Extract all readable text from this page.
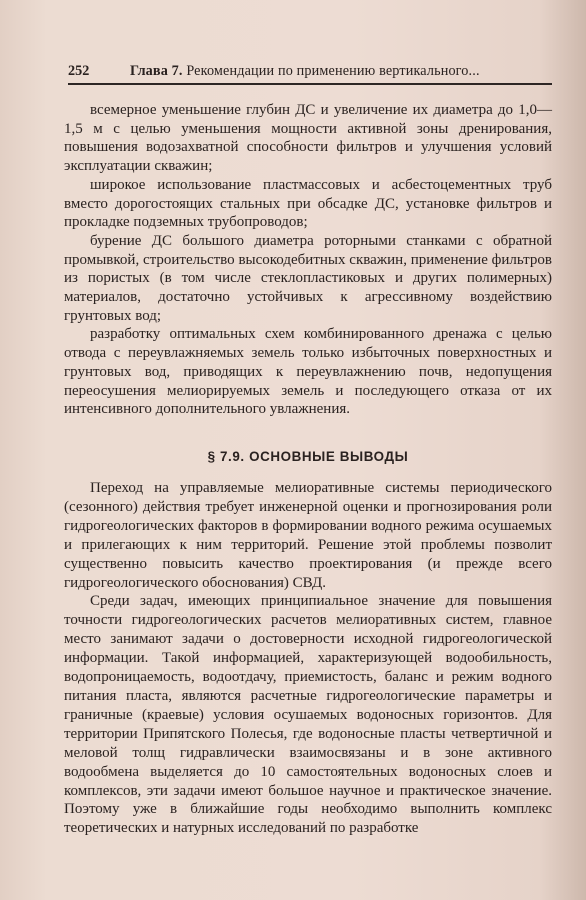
252	Глава 7. Рекомендации по применению вертикального...

всемерное уменьшение глубин ДС и увеличение их диаметра до 1,0—1,5 м с целью уменьшения мощности активной зоны дренирования, повышения водозахватной способности фильтров и улучшения условий эксплуатации скважин;

широкое использование пластмассовых и асбестоцементных труб вместо дорогостоящих стальных при обсадке ДС, установке фильтров и прокладке подземных трубопроводов;

бурение ДС большого диаметра роторными станками с обратной промывкой, строительство высокодебитных скважин, применение фильтров из пористых (в том числе стеклопластиковых и других полимерных) материалов, достаточно устойчивых к агрессивному воздействию грунтовых вод;

разработку оптимальных схем комбинированного дренажа с целью отвода с переувлажняемых земель только избыточных поверхностных и грунтовых вод, приводящих к переувлажнению почв, недопущения переосушения мелиорируемых земель и последующего отказа от их интенсивного дополнительного увлажнения.

§ 7.9. ОСНОВНЫЕ ВЫВОДЫ

Переход на управляемые мелиоративные системы периодического (сезонного) действия требует инженерной оценки и прогнозирования роли гидрогеологических факторов в формировании водного режима осушаемых и прилегающих к ним территорий. Решение этой проблемы позволит существенно повысить качество проектирования (и прежде всего гидрогеологического обоснования) СВД.

Среди задач, имеющих принципиальное значение для повышения точности гидрогеологических расчетов мелиоративных систем, главное место занимают задачи о достоверности исходной гидрогеологической информации. Такой информацией, характеризующей водообильность, водопроницаемость, водоотдачу, приемистость, баланс и режим водного питания пласта, являются расчетные гидрогеологические параметры и граничные (краевые) условия осушаемых водоносных горизонтов. Для территории Припятского Полесья, где водоносные пласты четвертичной и меловой толщ гидравлически взаимосвязаны и в зоне активного водообмена выделяется до 10 самостоятельных водоносных слоев и комплексов, эти задачи имеют большое научное и практическое значение. Поэтому уже в ближайшие годы необходимо выполнить комплекс теоретических и натурных исследований по разработке
